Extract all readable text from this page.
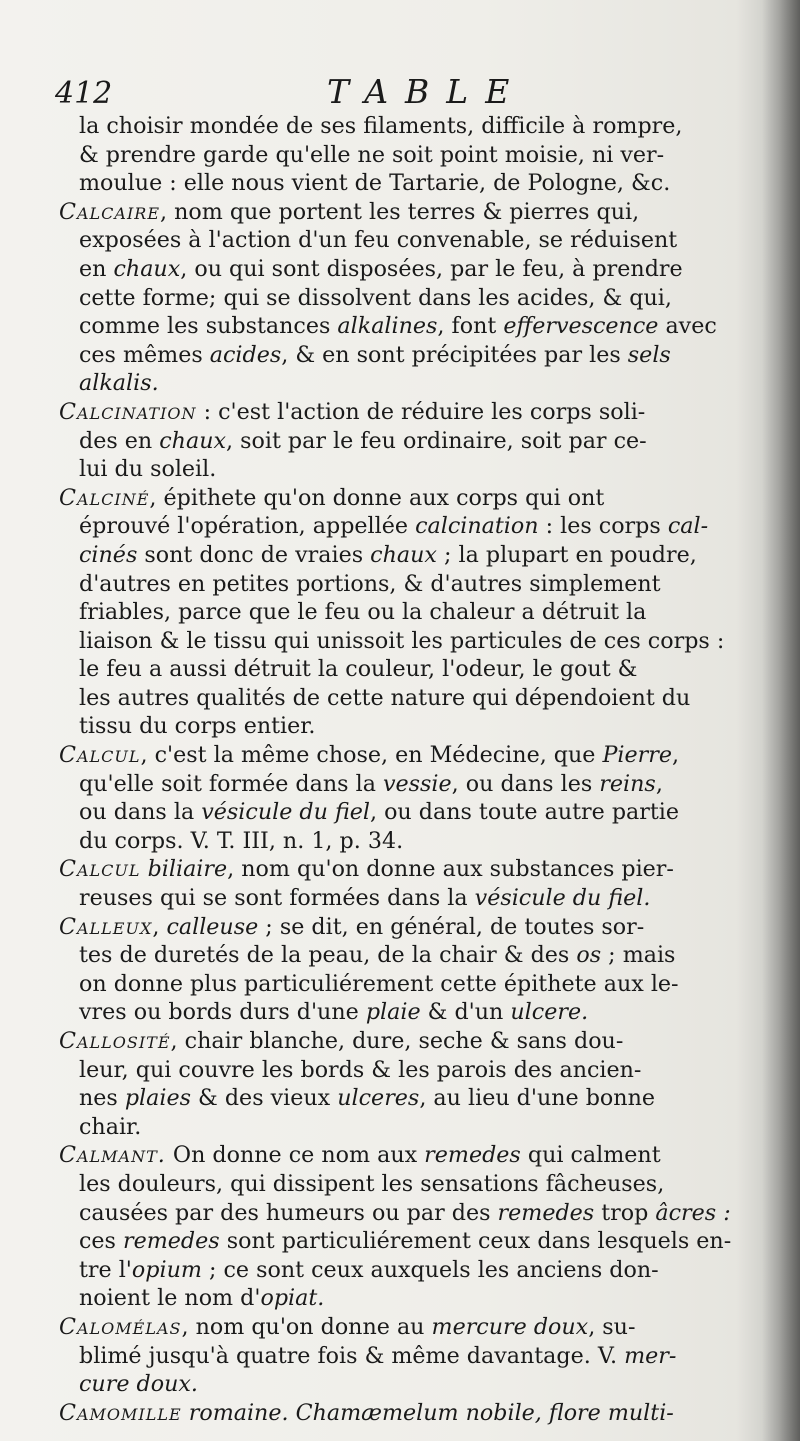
412	TABLE
la choisir mondée de ses filaments, difficile à rompre,
& prendre garde qu'elle ne soit point moisie, ni ver-
moulue : elle nous vient de Tartarie, de Pologne, &c.
Calcaire, nom que portent les terres & pierres qui,
exposées à l'action d'un feu convenable, se réduisent
en chaux, ou qui sont disposées, par le feu, à prendre
cette forme; qui se dissolvent dans les acides, & qui,
comme les substances alkalines, font effervescence avec
ces mêmes acides, & en sont précipitées par les sels
alkalis.
Calcination : c'est l'action de réduire les corps soli-
des en chaux, soit par le feu ordinaire, soit par ce-
lui du soleil.
Calciné, épithete qu'on donne aux corps qui ont
éprouvé l'opération, appellée calcination : les corps cal-
cinés sont donc de vraies chaux ; la plupart en poudre,
d'autres en petites portions, & d'autres simplement
friables, parce que le feu ou la chaleur a détruit la
liaison & le tissu qui unissoit les particules de ces corps :
le feu a aussi détruit la couleur, l'odeur, le gout &
les autres qualités de cette nature qui dépendoient du
tissu du corps entier.
Calcul, c'est la même chose, en Médecine, que Pierre,
qu'elle soit formée dans la vessie, ou dans les reins,
ou dans la vésicule du fiel, ou dans toute autre partie
du corps. V. T. III, n. 1, p. 34.
Calcul biliaire, nom qu'on donne aux substances pier-
reuses qui se sont formées dans la vésicule du fiel.
Calleux, calleuse ; se dit, en général, de toutes sor-
tes de duretés de la peau, de la chair & des os ; mais
on donne plus particuliérement cette épithete aux le-
vres ou bords durs d'une plaie & d'un ulcere.
Callosité, chair blanche, dure, seche & sans dou-
leur, qui couvre les bords & les parois des ancien-
nes plaies & des vieux ulceres, au lieu d'une bonne
chair.
Calmant. On donne ce nom aux remedes qui calment
les douleurs, qui dissipent les sensations fâcheuses,
causées par des humeurs ou par des remedes trop âcres :
ces remedes sont particuliérement ceux dans lesquels en-
tre l'opium ; ce sont ceux auxquels les anciens don-
noient le nom d'opiat.
Calomélas, nom qu'on donne au mercure doux, su-
blimé jusqu'à quatre fois & même davantage. V. mer-
cure doux.
Camomille romaine. Chamæmelum nobile, flore multi-
